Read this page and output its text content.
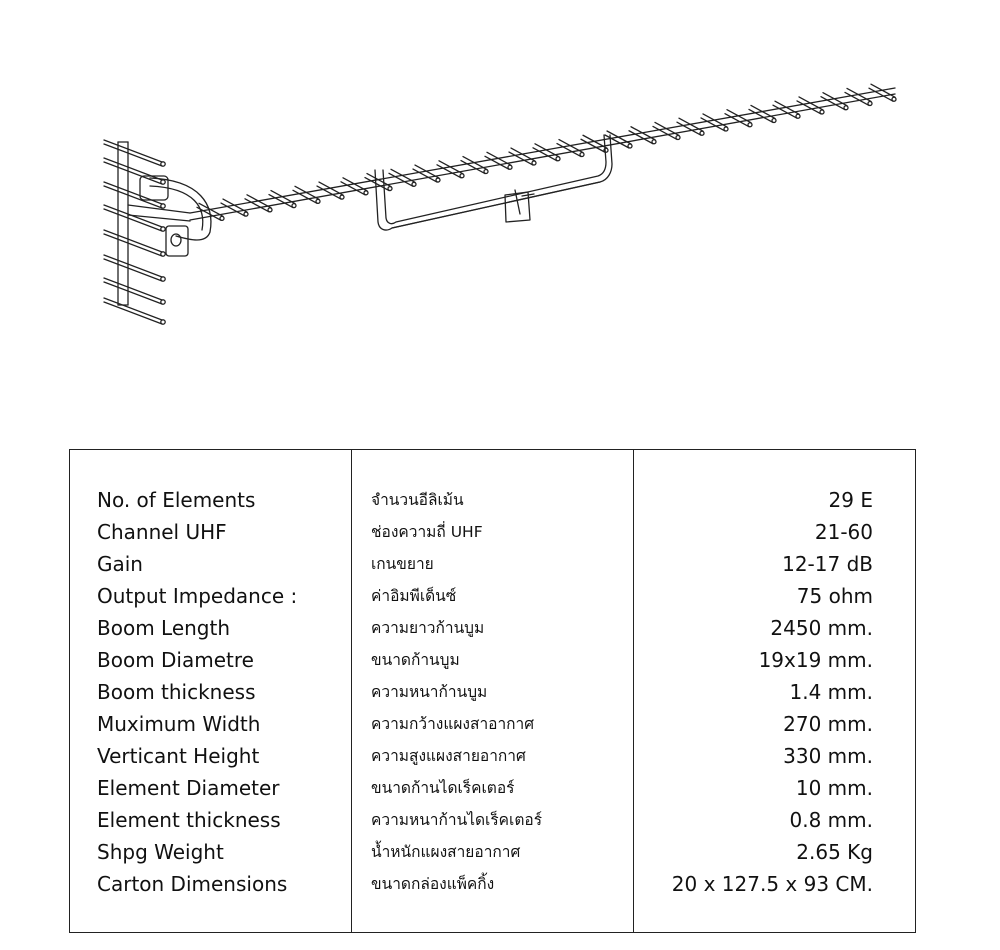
No. of Elements
Channel UHF
Gain
Output Impedance :
Boom Length
Boom Diametre
Boom thickness
Muximum Width
Verticant Height
Element Diameter
Element thickness
Shpg Weight
Carton Dimensions
จำนวนอีลิเม้น
ช่องความถี่ UHF
เกนขยาย
ค่าอิมพีเด็นซ์
ความยาวก้านบูม
ขนาดก้านบูม
ความหนาก้านบูม
ความกว้างแผงสาอากาศ
ความสูงแผงสายอากาศ
ขนาดก้านไดเร็คเตอร์
ความหนาก้านไดเร็คเตอร์
น้ำหนักแผงสายอากาศ
ขนาดกล่องแพ็คกิ้ง
29 E
21-60
12-17 dB
75 ohm
2450 mm.
19x19 mm.
1.4 mm.
270 mm.
330 mm.
10 mm.
0.8 mm.
2.65 Kg
20 x 127.5 x 93 CM.
